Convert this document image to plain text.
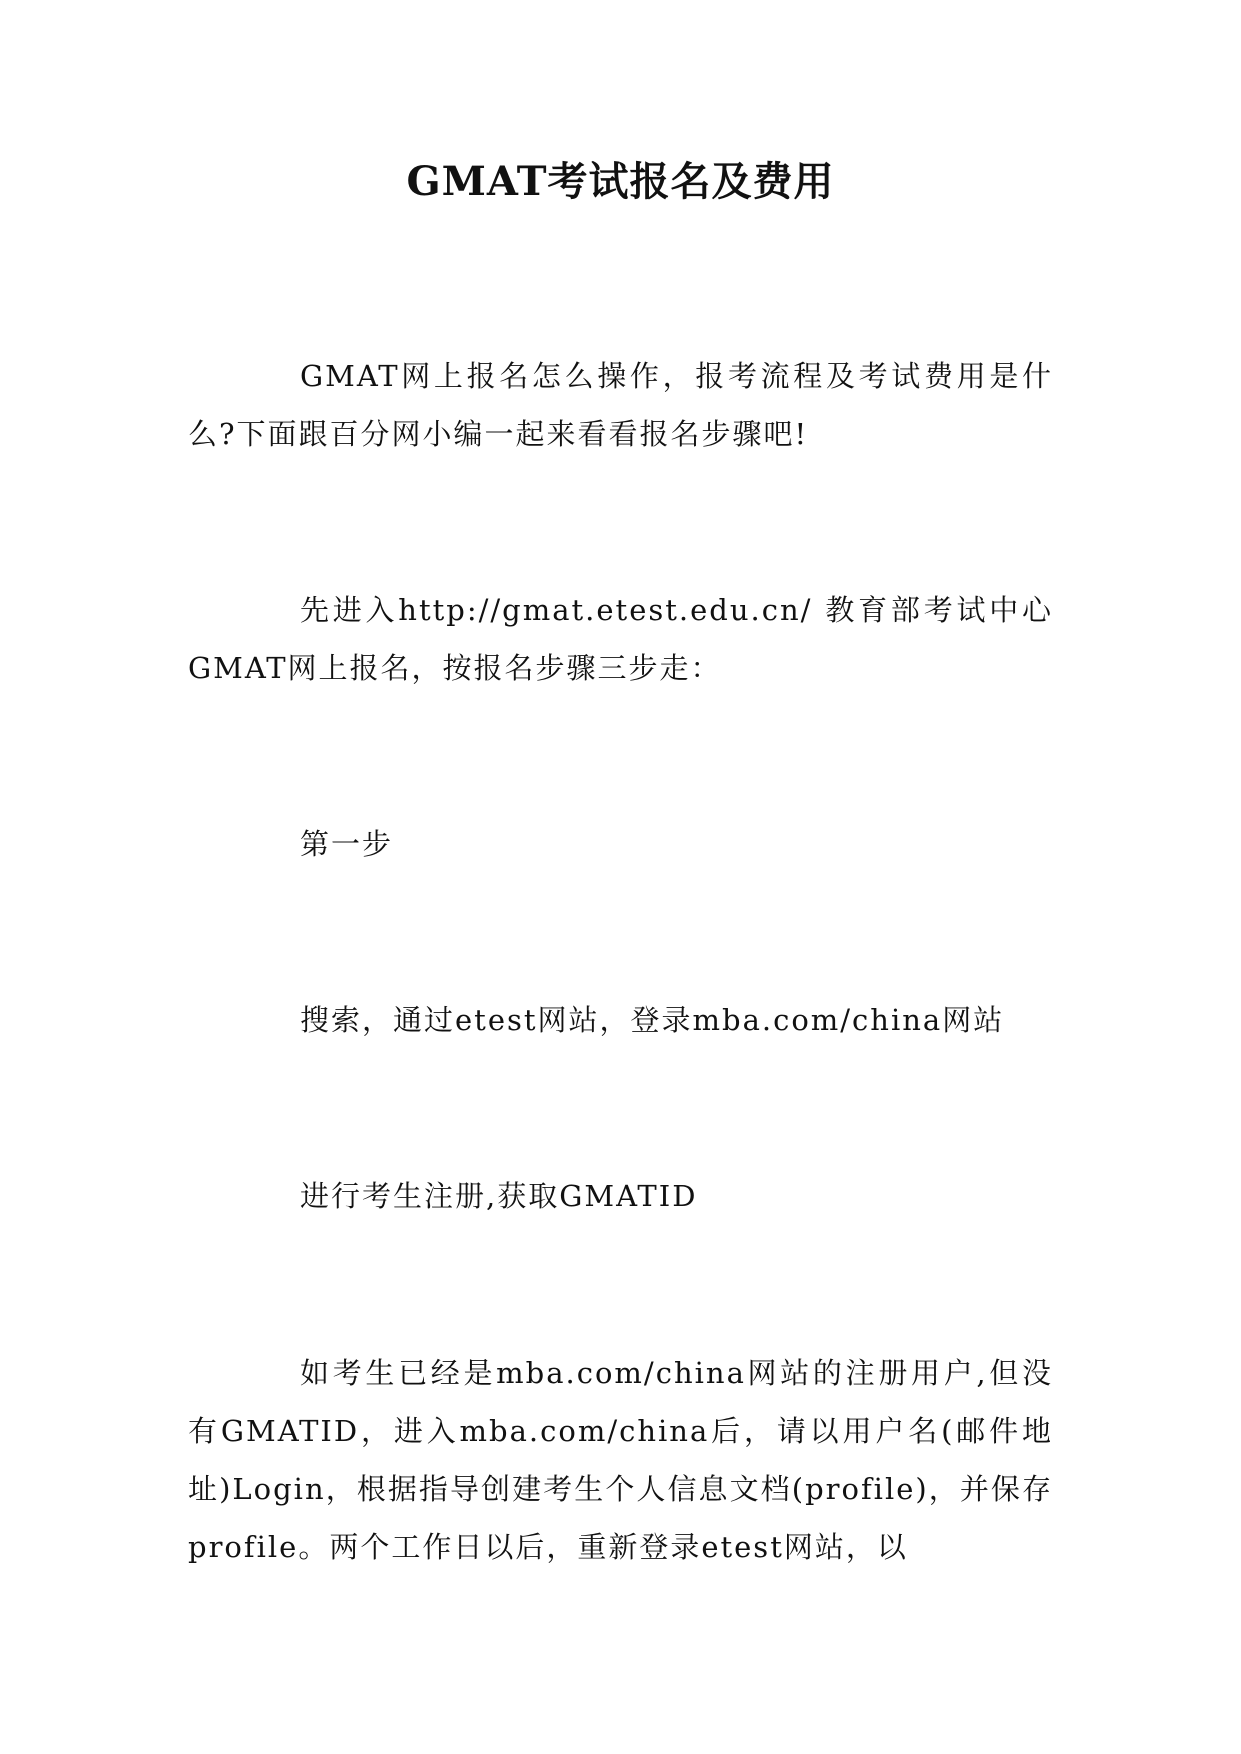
GMAT考试报名及费用

GMAT网上报名怎么操作，报考流程及考试费用是什么?下面跟百分网小编一起来看看报名步骤吧!

先进入http://gmat.etest.edu.cn/ 教育部考试中心GMAT网上报名，按报名步骤三步走：

第一步

搜索，通过etest网站，登录mba.com/china网站

进行考生注册,获取GMATID

如考生已经是mba.com/china网站的注册用户,但没有GMATID，进入mba.com/china后，请以用户名(邮件地址)Login，根据指导创建考生个人信息文档(profile)，并保存profile。两个工作日以后，重新登录etest网站，以
